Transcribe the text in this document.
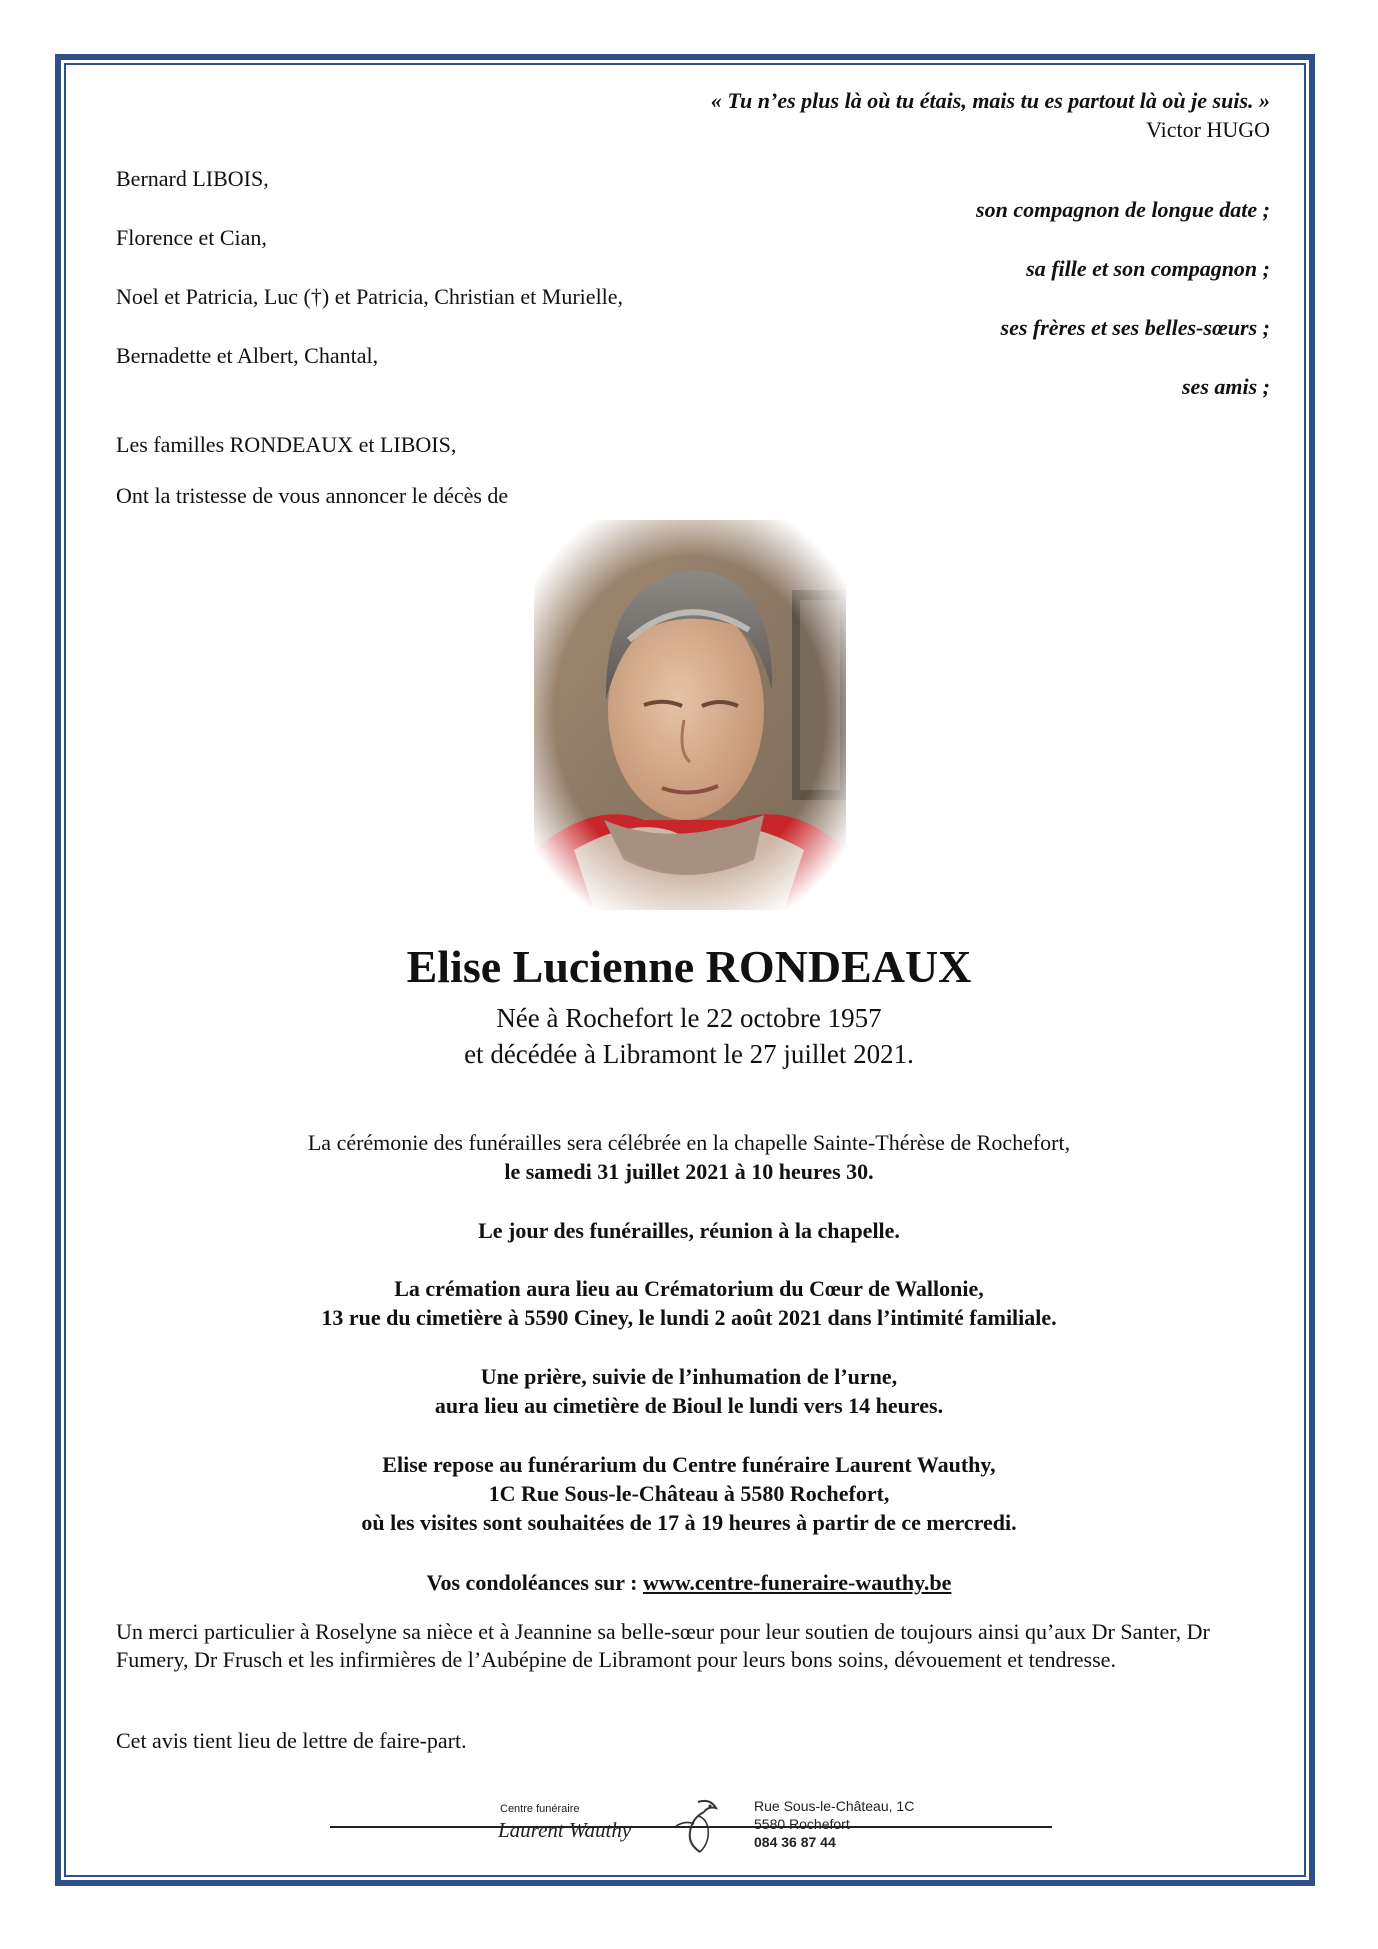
« Tu n’es plus là où tu étais, mais tu es partout là où je suis. »
Victor HUGO
Bernard LIBOIS,
son compagnon de longue date ;
Florence et Cian,
sa fille et son compagnon ;
Noel et Patricia, Luc (†) et Patricia, Christian et Murielle,
ses frères et ses belles-sœurs ;
Bernadette et Albert, Chantal,
ses amis ;
Les familles RONDEAUX et LIBOIS,
Ont la tristesse de vous annoncer le décès de
Elise Lucienne RONDEAUX
Née à Rochefort le 22 octobre 1957
et décédée à Libramont le 27 juillet 2021.
La cérémonie des funérailles sera célébrée en la chapelle Sainte-Thérèse de Rochefort,
le samedi 31 juillet 2021 à 10 heures 30.
Le jour des funérailles, réunion à la chapelle.
La crémation aura lieu au Crématorium du Cœur de Wallonie,
13 rue du cimetière à 5590 Ciney, le lundi 2 août 2021 dans l’intimité familiale.
Une prière, suivie de l’inhumation de l’urne,
aura lieu au cimetière de Bioul le lundi vers 14 heures.
Elise repose au funérarium du Centre funéraire Laurent Wauthy,
1C Rue Sous-le-Château à 5580 Rochefort,
où les visites sont souhaitées de 17 à 19 heures à partir de ce mercredi.
Vos condoléances sur : www.centre-funeraire-wauthy.be
Un merci particulier à Roselyne sa nièce et à Jeannine sa belle-sœur pour leur soutien de toujours ainsi qu’aux Dr Santer, Dr Fumery, Dr Frusch et les infirmières de l’Aubépine de Libramont pour leurs bons soins, dévouement et tendresse.
Cet avis tient lieu de lettre de faire-part.
Centre funéraire
Laurent Wauthy
Rue Sous-le-Château, 1C
5580 Rochefort
084 36 87 44
